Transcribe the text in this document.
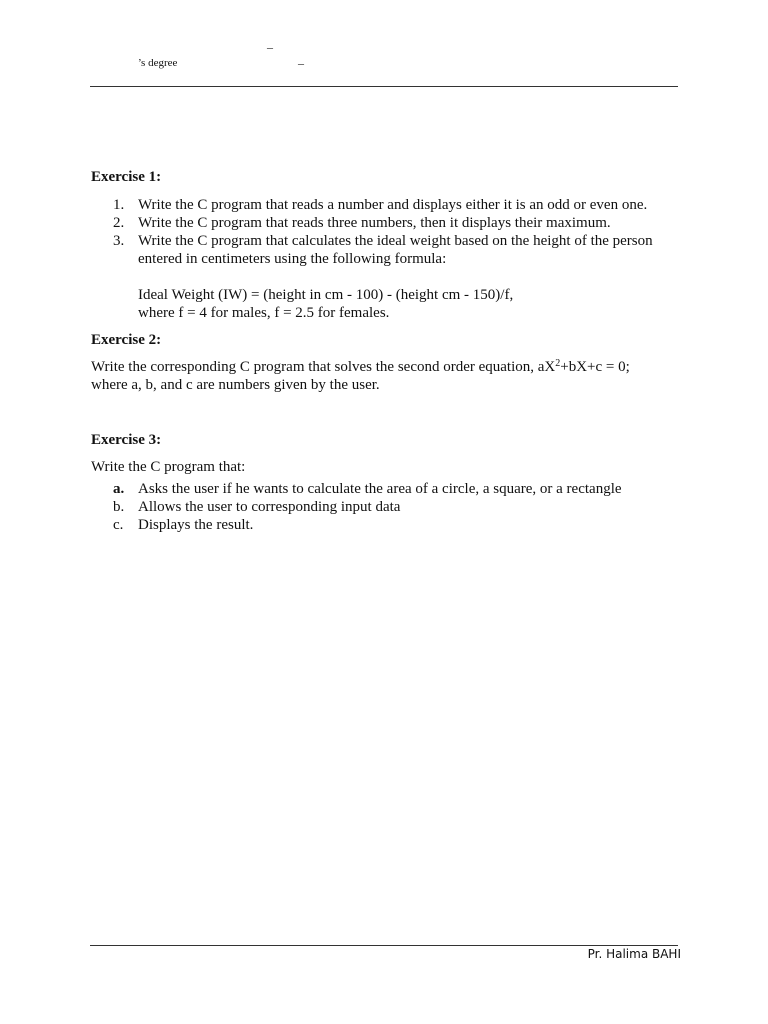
–
’s degree	–

Exercise 1:

1. Write the C program that reads a number and displays either it is an odd or even one.
2. Write the C program that reads three numbers, then it displays their maximum.
3. Write the C program that calculates the ideal weight based on the height of the person entered in centimeters using the following formula:
Ideal Weight (IW) = (height in cm - 100) - (height cm - 150)/f,
where f = 4 for males, f = 2.5 for females.

Exercise 2:

Write the corresponding C program that solves the second order equation, $aX^2+bX+c = 0$;
where a, b, and c are numbers given by the user.

Exercise 3:

Write the C program that:
a. Asks the user if he wants to calculate the area of a circle, a square, or a rectangle
b. Allows the user to corresponding input data
c. Displays the result.
Pr. Halima BAHI
